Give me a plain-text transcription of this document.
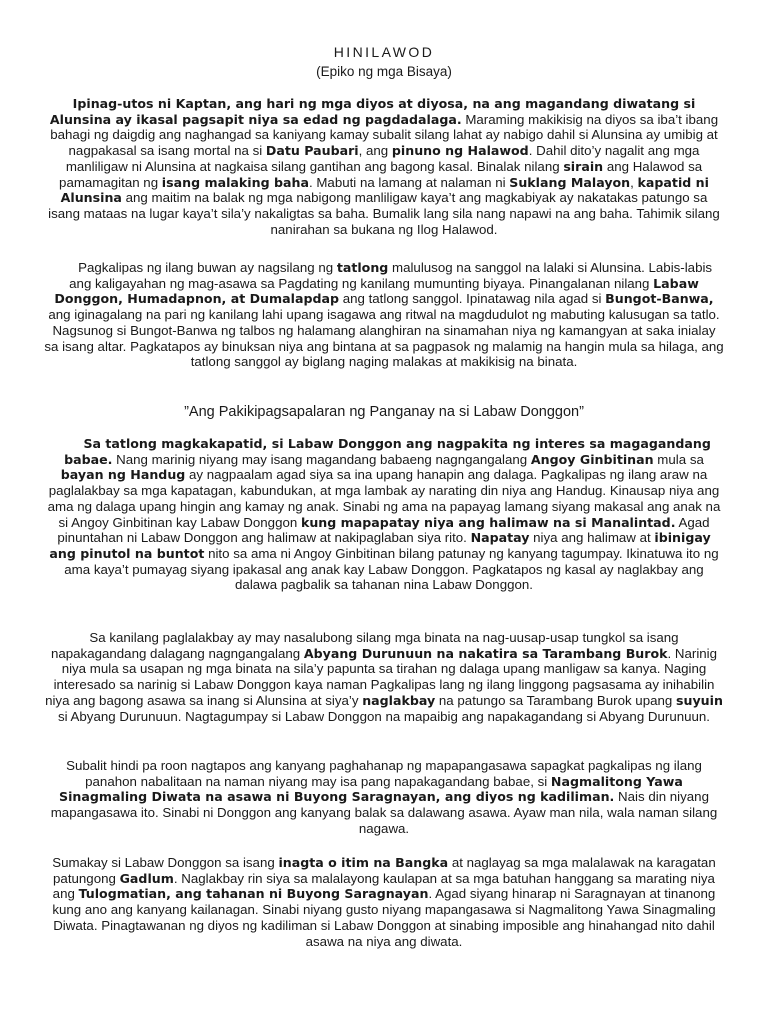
HINILAWOD
(Epiko ng mga Bisaya)

Ipinag-utos ni Kaptan, ang hari ng mga diyos at diyosa, na ang magandang diwatang si Alunsina ay ikasal pagsapit niya sa edad ng pagdadalaga. Maraming makikisig na diyos sa iba’t ibang bahagi ng daigdig ang naghangad sa kaniyang kamay subalit silang lahat ay nabigo dahil si Alunsina ay umibig at nagpakasal sa isang mortal na si Datu Paubari, ang pinuno ng Halawod. Dahil dito’y nagalit ang mga manliligaw ni Alunsina at nagkaisa silang gantihan ang bagong kasal. Binalak nilang sirain ang Halawod sa pamamagitan ng isang malaking baha. Mabuti na lamang at nalaman ni Suklang Malayon, kapatid ni Alunsina ang maitim na balak ng mga nabigong manliligaw kaya’t ang magkabiyak ay nakatakas patungo sa isang mataas na lugar kaya’t sila’y nakaligtas sa baha. Bumalik lang sila nang napawi na ang baha. Tahimik silang nanirahan sa bukana ng Ilog Halawod.

Pagkalipas ng ilang buwan ay nagsilang ng tatlong malulusog na sanggol na lalaki si Alunsina. Labis-labis ang kaligayahan ng mag-asawa sa Pagdating ng kanilang mumunting biyaya. Pinangalanan nilang Labaw Donggon, Humadapnon, at Dumalapdap ang tatlong sanggol. Ipinatawag nila agad si Bungot-Banwa, ang iginagalang na pari ng kanilang lahi upang isagawa ang ritwal na magdudulot ng mabuting kalusugan sa tatlo. Nagsunog si Bungot-Banwa ng talbos ng halamang alanghiran na sinamahan niya ng kamangyan at saka inialay sa isang altar. Pagkatapos ay binuksan niya ang bintana at sa pagpasok ng malamig na hangin mula sa hilaga, ang tatlong sanggol ay biglang naging malakas at makikisig na binata.

”Ang Pakikipagsapalaran ng Panganay na si Labaw Donggon”

Sa tatlong magkakapatid, si Labaw Donggon ang nagpakita ng interes sa magagandang babae. Nang marinig niyang may isang magandang babaeng nagngangalang Angoy Ginbitinan mula sa bayan ng Handug ay nagpaalam agad siya sa ina upang hanapin ang dalaga. Pagkalipas ng ilang araw na paglalakbay sa mga kapatagan, kabundukan, at mga lambak ay narating din niya ang Handug. Kinausap niya ang ama ng dalaga upang hingin ang kamay ng anak. Sinabi ng ama na papayag lamang siyang makasal ang anak na si Angoy Ginbitinan kay Labaw Donggon kung mapapatay niya ang halimaw na si Manalintad. Agad pinuntahan ni Labaw Donggon ang halimaw at nakipaglaban siya rito. Napatay niya ang halimaw at ibinigay ang pinutol na buntot nito sa ama ni Angoy Ginbitinan bilang patunay ng kanyang tagumpay. Ikinatuwa ito ng ama kaya’t pumayag siyang ipakasal ang anak kay Labaw Donggon. Pagkatapos ng kasal ay naglakbay ang dalawa pagbalik sa tahanan nina Labaw Donggon.

Sa kanilang paglalakbay ay may nasalubong silang mga binata na nag-uusap-usap tungkol sa isang napakagandang dalagang nagngangalang Abyang Durunuun na nakatira sa Tarambang Burok. Narinig niya mula sa usapan ng mga binata na sila’y papunta sa tirahan ng dalaga upang manligaw sa kanya. Naging interesado sa narinig si Labaw Donggon kaya naman Pagkalipas lang ng ilang linggong pagsasama ay inihabilin niya ang bagong asawa sa inang si Alunsina at siya’y naglakbay na patungo sa Tarambang Burok upang suyuin si Abyang Durunuun. Nagtagumpay si Labaw Donggon na mapaibig ang napakagandang si Abyang Durunuun.

Subalit hindi pa roon nagtapos ang kanyang paghahanap ng mapapangasawa sapagkat pagkalipas ng ilang panahon nabalitaan na naman niyang may isa pang napakagandang babae, si Nagmalitong Yawa Sinagmaling Diwata na asawa ni Buyong Saragnayan, ang diyos ng kadiliman. Nais din niyang mapangasawa ito. Sinabi ni Donggon ang kanyang balak sa dalawang asawa. Ayaw man nila, wala naman silang nagawa.

Sumakay si Labaw Donggon sa isang inagta o itim na Bangka at naglayag sa mga malalawak na karagatan patungong Gadlum. Naglakbay rin siya sa malalayong kaulapan at sa mga batuhan hanggang sa marating niya ang Tulogmatian, ang tahanan ni Buyong Saragnayan. Agad siyang hinarap ni Saragnayan at tinanong kung ano ang kanyang kailanagan. Sinabi niyang gusto niyang mapangasawa si Nagmalitong Yawa Sinagmaling Diwata. Pinagtawanan ng diyos ng kadiliman si Labaw Donggon at sinabing imposible ang hinahangad nito dahil asawa na niya ang diwata.
